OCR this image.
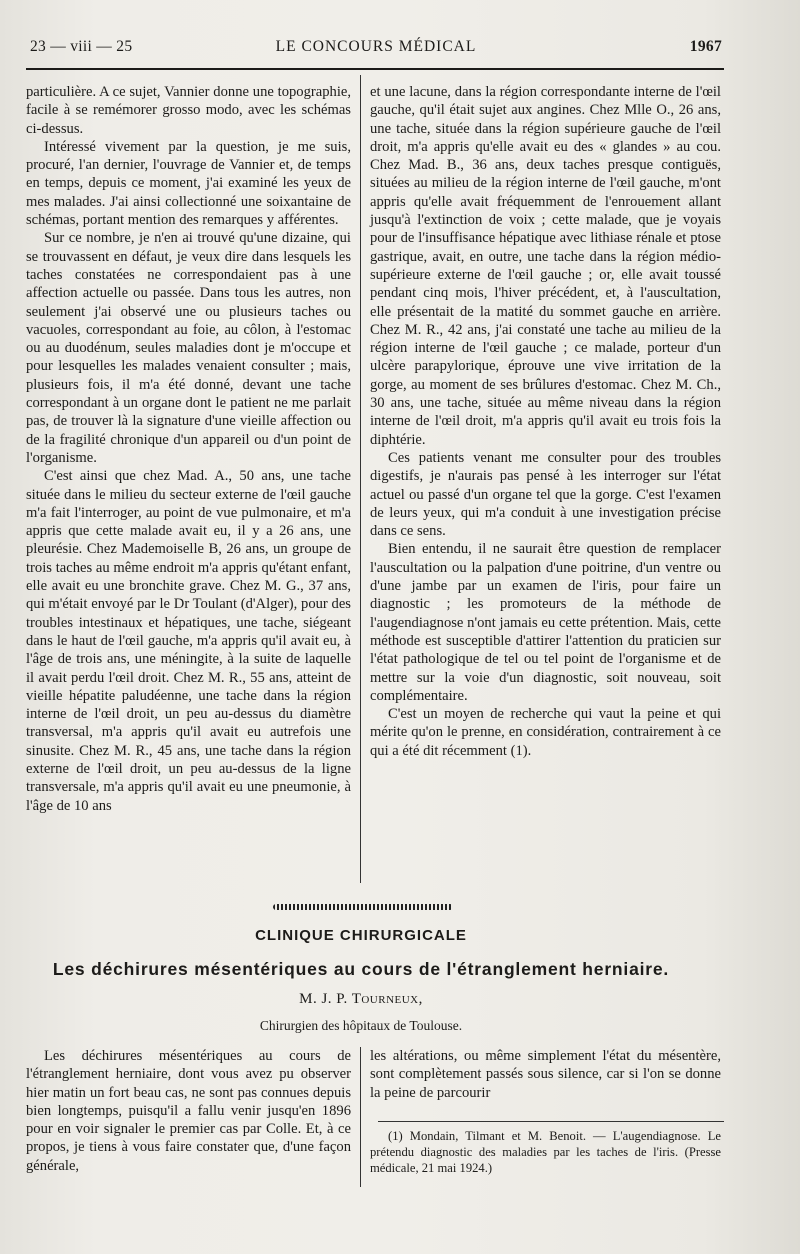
23 — viii — 25	LE CONCOURS MÉDICAL	1967

particulière. A ce sujet, Vannier donne une topographie, facile à se remémorer grosso modo, avec les schémas ci-dessus.

Intéressé vivement par la question, je me suis, procuré, l'an dernier, l'ouvrage de Vannier et, de temps en temps, depuis ce moment, j'ai examiné les yeux de mes malades. J'ai ainsi collectionné une soixantaine de schémas, portant mention des remarques y afférentes.

Sur ce nombre, je n'en ai trouvé qu'une dizaine, qui se trouvassent en défaut, je veux dire dans lesquels les taches constatées ne correspondaient pas à une affection actuelle ou passée. Dans tous les autres, non seulement j'ai observé une ou plusieurs taches ou vacuoles, correspondant au foie, au côlon, à l'estomac ou au duodénum, seules maladies dont je m'occupe et pour lesquelles les malades venaient consulter ; mais, plusieurs fois, il m'a été donné, devant une tache correspondant à un organe dont le patient ne me parlait pas, de trouver là la signature d'une vieille affection ou de la fragilité chronique d'un appareil ou d'un point de l'organisme.

C'est ainsi que chez Mad. A., 50 ans, une tache située dans le milieu du secteur externe de l'œil gauche m'a fait l'interroger, au point de vue pulmonaire, et m'a appris que cette malade avait eu, il y a 26 ans, une pleurésie. Chez Mademoiselle B, 26 ans, un groupe de trois taches au même endroit m'a appris qu'étant enfant, elle avait eu une bronchite grave. Chez M. G., 37 ans, qui m'était envoyé par le Dr Toulant (d'Alger), pour des troubles intestinaux et hépatiques, une tache, siégeant dans le haut de l'œil gauche, m'a appris qu'il avait eu, à l'âge de trois ans, une méningite, à la suite de laquelle il avait perdu l'œil droit. Chez M. R., 55 ans, atteint de vieille hépatite paludéenne, une tache dans la région interne de l'œil droit, un peu au-dessus du diamètre transversal, m'a appris qu'il avait eu autrefois une sinusite. Chez M. R., 45 ans, une tache dans la région externe de l'œil droit, un peu au-dessus de la ligne transversale, m'a appris qu'il avait eu une pneumonie, à l'âge de 10 ans

et une lacune, dans la région correspondante interne de l'œil gauche, qu'il était sujet aux angines. Chez Mlle O., 26 ans, une tache, située dans la région supérieure gauche de l'œil droit, m'a appris qu'elle avait eu des « glandes » au cou. Chez Mad. B., 36 ans, deux taches presque contiguës, situées au milieu de la région interne de l'œil gauche, m'ont appris qu'elle avait fréquemment de l'enrouement allant jusqu'à l'extinction de voix ; cette malade, que je voyais pour de l'insuffisance hépatique avec lithiase rénale et ptose gastrique, avait, en outre, une tache dans la région médio-supérieure externe de l'œil gauche ; or, elle avait toussé pendant cinq mois, l'hiver précédent, et, à l'auscultation, elle présentait de la matité du sommet gauche en arrière. Chez M. R., 42 ans, j'ai constaté une tache au milieu de la région interne de l'œil gauche ; ce malade, porteur d'un ulcère parapylorique, éprouve une vive irritation de la gorge, au moment de ses brûlures d'estomac. Chez M. Ch., 30 ans, une tache, située au même niveau dans la région interne de l'œil droit, m'a appris qu'il avait eu trois fois la diphtérie.

Ces patients venant me consulter pour des troubles digestifs, je n'aurais pas pensé à les interroger sur l'état actuel ou passé d'un organe tel que la gorge. C'est l'examen de leurs yeux, qui m'a conduit à une investigation précise dans ce sens.

Bien entendu, il ne saurait être question de remplacer l'auscultation ou la palpation d'une poitrine, d'un ventre ou d'une jambe par un examen de l'iris, pour faire un diagnostic ; les promoteurs de la méthode de l'augendiagnose n'ont jamais eu cette prétention. Mais, cette méthode est susceptible d'attirer l'attention du praticien sur l'état pathologique de tel ou tel point de l'organisme et de mettre sur la voie d'un diagnostic, soit nouveau, soit complémentaire.

C'est un moyen de recherche qui vaut la peine et qui mérite qu'on le prenne, en considération, contrairement à ce qui a été dit récemment (1).

CLINIQUE CHIRURGICALE
Les déchirures mésentériques au cours de l'étranglement herniaire.
M. J. P. Tourneux,
Chirurgien des hôpitaux de Toulouse.

Les déchirures mésentériques au cours de l'étranglement herniaire, dont vous avez pu observer hier matin un fort beau cas, ne sont pas connues depuis bien longtemps, puisqu'il a fallu venir jusqu'en 1896 pour en voir signaler le premier cas par Colle. Et, à ce propos, je tiens à vous faire constater que, d'une façon générale,

les altérations, ou même simplement l'état du mésentère, sont complètement passés sous silence, car si l'on se donne la peine de parcourir

(1) Mondain, Tilmant et M. Benoit. — L'augendiagnose. Le prétendu diagnostic des maladies par les taches de l'iris. (Presse médicale, 21 mai 1924.)
